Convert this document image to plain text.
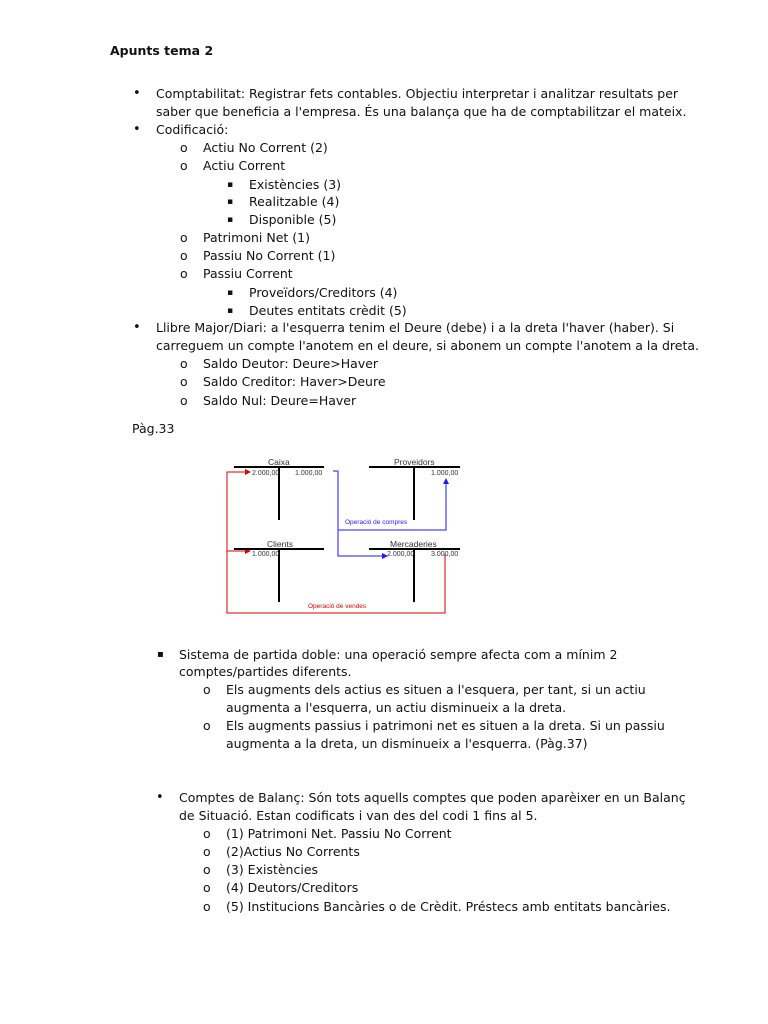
Apunts tema 2
• Comptabilitat: Registrar fets contables. Objectiu interpretar i analitzar resultats per
saber que beneficia a l'empresa. És una balança que ha de comptabilitzar el mateix.
• Codificació:
o Actiu No Corrent (2)
o Actiu Corrent
▪ Existències (3)
▪ Realitzable (4)
▪ Disponible (5)
o Patrimoni Net (1)
o Passiu No Corrent (1)
o Passiu Corrent
▪ Proveïdors/Creditors (4)
▪ Deutes entitats crèdit (5)
• Llibre Major/Diari: a l'esquerra tenim el Deure (debe) i a la dreta l'haver (haber). Si
carreguem un compte l'anotem en el deure, si abonem un compte l'anotem a la dreta.
o Saldo Deutor: Deure>Haver
o Saldo Creditor: Haver>Deure
o Saldo Nul: Deure=Haver
Pàg.33
Operació de vendes
Operació de compres
Caixa
2.000,00 1.000,00
Proveidors
1.000,00
Clients
1.000,00
Mercaderies
2.000,00 3.000,00
▪ Sistema de partida doble: una operació sempre afecta com a mínim 2
comptes/partides diferents.
o Els augments dels actius es situen a l'esquera, per tant, si un actiu
augmenta a l'esquerra, un actiu disminueix a la dreta.
o Els augments passius i patrimoni net es situen a la dreta. Si un passiu
augmenta a la dreta, un disminueix a l'esquerra. (Pàg.37)
• Comptes de Balanç: Són tots aquells comptes que poden aparèixer en un Balanç
de Situació. Estan codificats i van des del codi 1 fins al 5.
o (1) Patrimoni Net. Passiu No Corrent
o (2)Actius No Corrents
o (3) Existències
o (4) Deutors/Creditors
o (5) Institucions Bancàries o de Crèdit. Préstecs amb entitats bancàries.
